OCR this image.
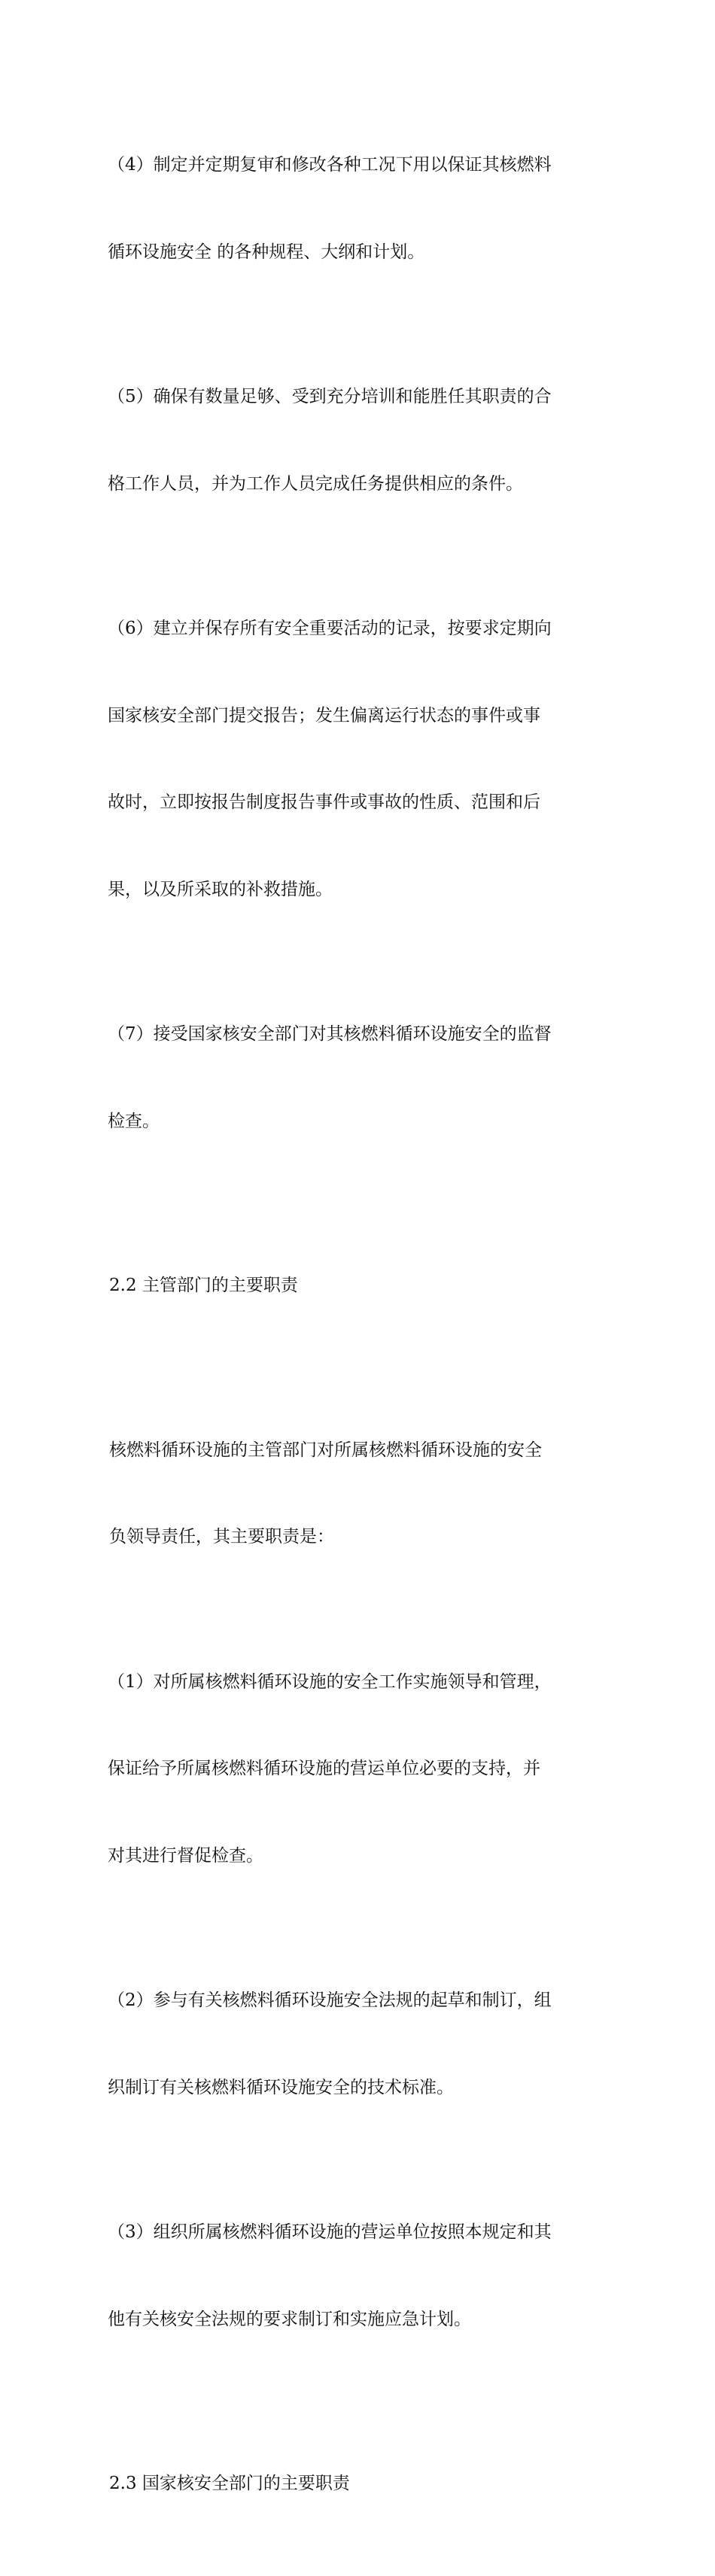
（4）制定并定期复审和修改各种工况下用以保证其核燃料

循环设施安全 的各种规程、大纲和计划。

（5）确保有数量足够、受到充分培训和能胜任其职责的合

格工作人员，并为工作人员完成任务提供相应的条件。

（6）建立并保存所有安全重要活动的记录，按要求定期向

国家核安全部门提交报告；发生偏离运行状态的事件或事

故时，立即按报告制度报告事件或事故的性质、范围和后

果，以及所采取的补救措施。

（7）接受国家核安全部门对其核燃料循环设施安全的监督

检查。

2.2 主管部门的主要职责

核燃料循环设施的主管部门对所属核燃料循环设施的安全

负领导责任，其主要职责是：

（1）对所属核燃料循环设施的安全工作实施领导和管理，

保证给予所属核燃料循环设施的营运单位必要的支持，并

对其进行督促检查。

（2）参与有关核燃料循环设施安全法规的起草和制订，组

织制订有关核燃料循环设施安全的技术标准。

（3）组织所属核燃料循环设施的营运单位按照本规定和其

他有关核安全法规的要求制订和实施应急计划。

2.3 国家核安全部门的主要职责
